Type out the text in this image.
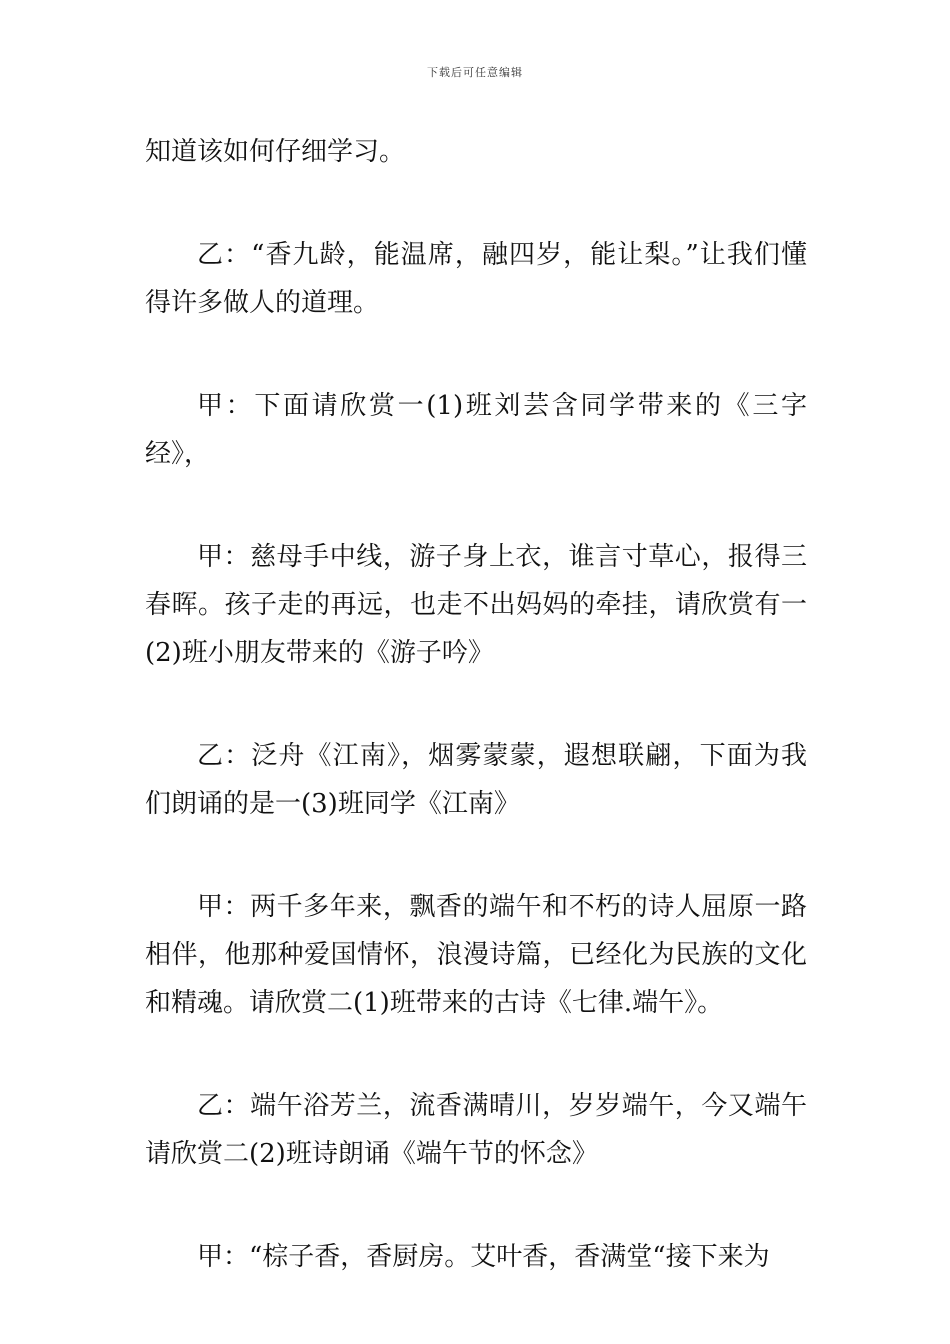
下载后可任意编辑

知道该如何仔细学习。

乙：“香九龄，能温席，融四岁，能让梨。”让我们懂得许多做人的道理。

甲：下面请欣赏一(1)班刘芸含同学带来的《三字经》，

甲：慈母手中线，游子身上衣，谁言寸草心，报得三春晖。孩子走的再远，也走不出妈妈的牵挂，请欣赏有一(2)班小朋友带来的《游子吟》

乙：泛舟《江南》，烟雾蒙蒙，遐想联翩，下面为我们朗诵的是一(3)班同学《江南》

甲：两千多年来，飘香的端午和不朽的诗人屈原一路相伴，他那种爱国情怀，浪漫诗篇，已经化为民族的文化和精魂。请欣赏二(1)班带来的古诗《七律.端午》。

乙：端午浴芳兰，流香满晴川，岁岁端午，今又端午请欣赏二(2)班诗朗诵《端午节的怀念》

甲：“棕子香，香厨房。艾叶香，香满堂“接下来为
